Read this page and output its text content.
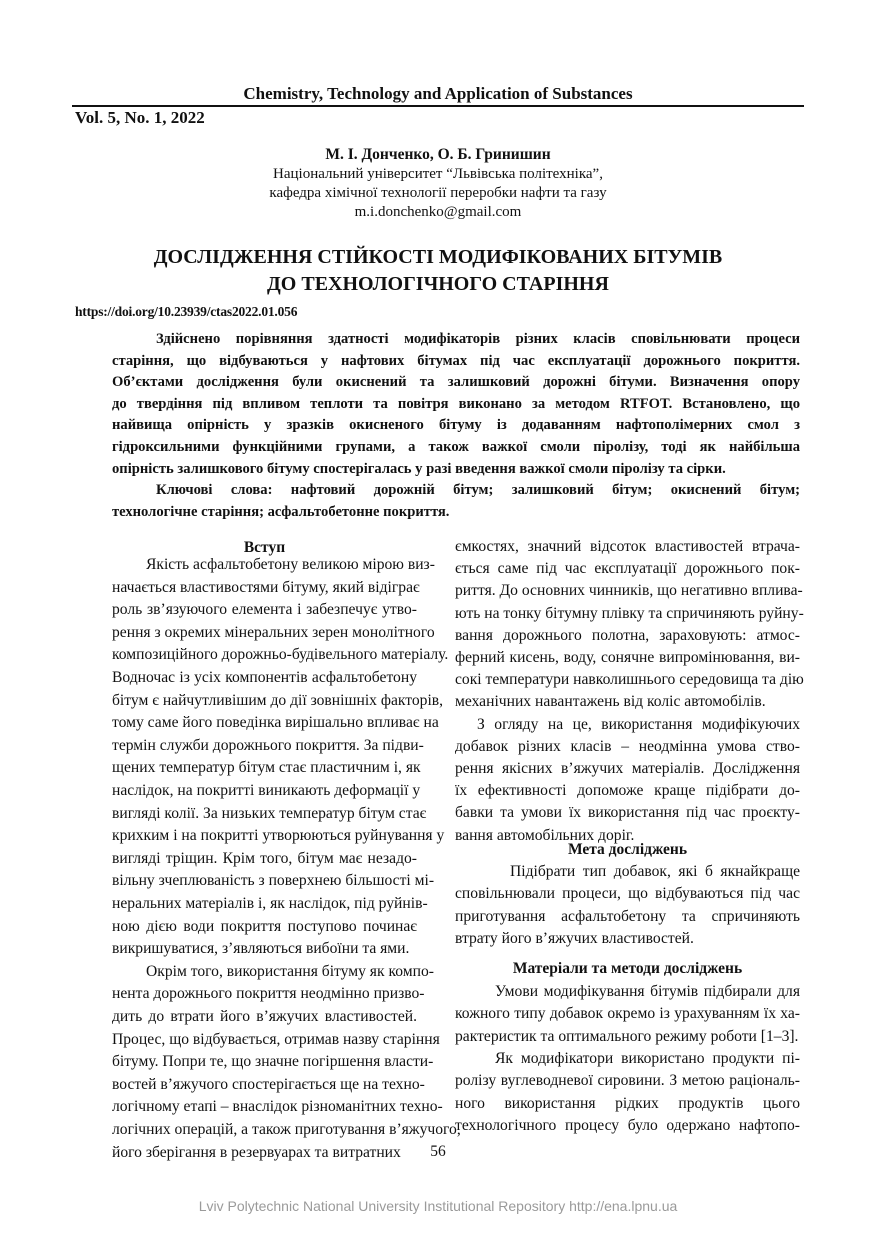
Chemistry, Technology and Application of Substances
Vol. 5, No. 1, 2022
М. І. Донченко, О. Б. Гринишин
Національний університет “Львівська політехніка”,
кафедра хімічної технології переробки нафти та газу
m.i.donchenko@gmail.com
ДОСЛІДЖЕННЯ СТІЙКОСТІ МОДИФІКОВАНИХ БІТУМІВ
ДО ТЕХНОЛОГІЧНОГО СТАРІННЯ
https://doi.org/10.23939/ctas2022.01.056
Вступ
Мета досліджень
Матеріали та методи досліджень
56
Lviv Polytechnic National University Institutional Repository http://ena.lpnu.ua
Здійснено порівняння здатності модифікаторів різних класів сповільнювати процеси
старіння, що відбуваються у нафтових бітумах під час експлуатації дорожнього покриття.
Об’єктами дослідження були окиснений та залишковий дорожні бітуми. Визначення опору
до твердіння під впливом теплоти та повітря виконано за методом RTFOT. Встановлено, що
найвища опірність у зразків окисненого бітуму із додаванням нафтополімерних смол з
гідроксильними функційними групами, а також важкої смоли піролізу, тоді як найбільша
опірність залишкового бітуму спостерігалась у разі введення важкої смоли піролізу та сірки.
Ключові слова: нафтовий дорожній бітум; залишковий бітум; окиснений бітум;
технологічне старіння; асфальтобетонне покриття.
Якість асфальтобетону великою мірою виз-
начається властивостями бітуму, який відіграє
роль зв’язуючого елемента і забезпечує утво-
рення з окремих мінеральних зерен монолітного
композиційного дорожньо-будівельного матеріалу.
Водночас із усіх компонентів асфальтобетону
бітум є найчутливішим до дії зовнішніх факторів,
тому саме його поведінка вирішально впливає на
термін служби дорожнього покриття. За підви-
щених температур бітум стає пластичним і, як
наслідок, на покритті виникають деформації у
вигляді колії. За низьких температур бітум стає
крихким і на покритті утворюються руйнування у
вигляді тріщин. Крім того, бітум має незадо-
вільну зчеплюваність з поверхнею більшості мі-
неральних матеріалів і, як наслідок, під руйнів-
ною дією води покриття поступово починає
викришуватися, з’являються вибоїни та ями.
Окрім того, використання бітуму як компо-
нента дорожнього покриття неодмінно призво-
дить до втрати його в’яжучих властивостей.
Процес, що відбувається, отримав назву старіння
бітуму. Попри те, що значне погіршення власти-
востей в’яжучого спостерігається ще на техно-
логічному етапі – внаслідок різноманітних техно-
логічних операцій, а також приготування в’яжучого,
його зберігання в резервуарах та витратних
ємкостях, значний відсоток властивостей втрача-
ється саме під час експлуатації дорожнього пок-
риття. До основних чинників, що негативно вплива-
ють на тонку бітумну плівку та спричиняють руйну-
вання дорожнього полотна, зараховують: атмос-
ферний кисень, воду, сонячне випромінювання, ви-
сокі температури навколишнього середовища та дію
механічних навантажень від коліс автомобілів.
З огляду на це, використання модифікуючих
добавок різних класів – неодмінна умова ство-
рення якісних в’яжучих матеріалів. Дослідження
їх ефективності допоможе краще підібрати до-
бавки та умови їх використання під час проєкту-
вання автомобільних доріг.
Підібрати тип добавок, які б якнайкраще
сповільнювали процеси, що відбуваються під час
приготування асфальтобетону та спричиняють
втрату його в’яжучих властивостей.
Умови модифікування бітумів підбирали для
кожного типу добавок окремо із урахуванням їх ха-
рактеристик та оптимального режиму роботи [1–3].
Як модифікатори використано продукти пі-
ролізу вуглеводневої сировини. З метою раціональ-
ного використання рідких продуктів цього
технологічного процесу було одержано нафтопо-
